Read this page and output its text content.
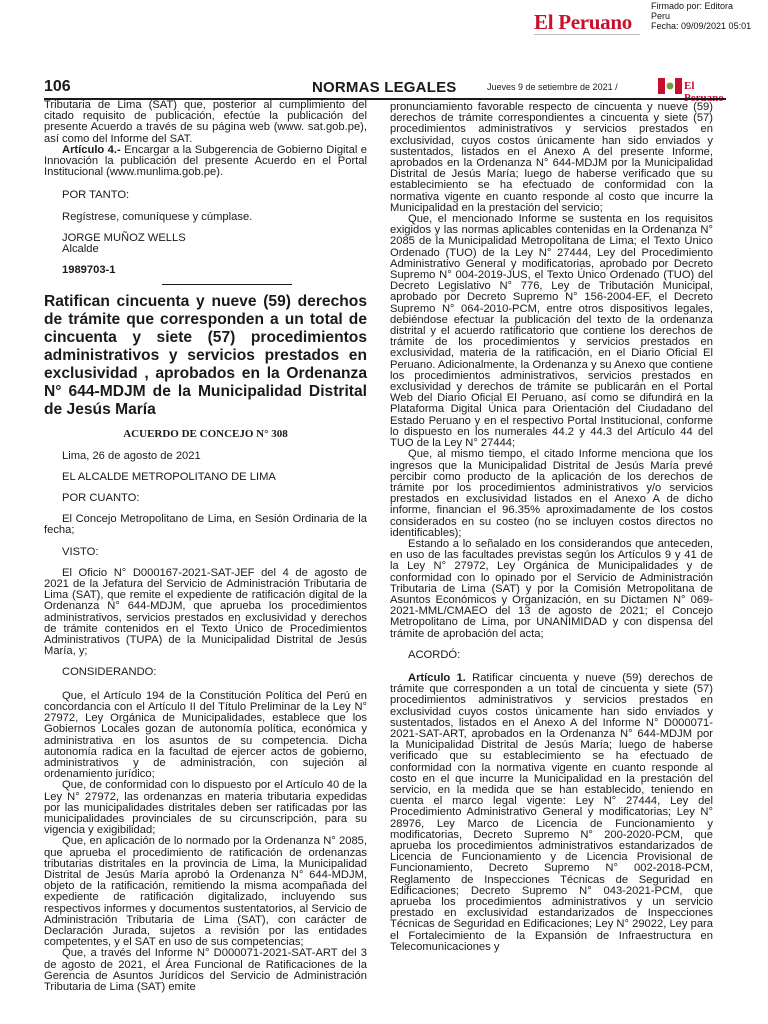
El Peruano
Firmado por: Editora
Peru
Fecha: 09/09/2021 05:01
106	NORMAS LEGALES	Jueves 9 de setiembre de 2021 /	El

Tributaria de Lima (SAT) que, posterior al cumplimiento del citado requisito de publicación, efectúe la publicación del presente Acuerdo a través de su página web (www. sat.gob.pe), así como del Informe del SAT.

Artículo 4.- Encargar a la Subgerencia de Gobierno Digital e Innovación la publicación del presente Acuerdo en el Portal Institucional (www.munlima.gob.pe).

POR TANTO:

Regístrese, comuníquese y cúmplase.

JORGE MUÑOZ WELLS

Alcalde

1989703-1

Ratifican cincuenta y nueve (59) derechos de trámite que corresponden a un total de cincuenta y siete (57) procedimientos administrativos y servicios prestados en exclusividad , aprobados en la Ordenanza N° 644-MDJM de la Municipalidad Distrital de Jesús María

ACUERDO DE CONCEJO N° 308

Lima, 26 de agosto de 2021

EL ALCALDE METROPOLITANO DE LIMA

POR CUANTO:

El Concejo Metropolitano de Lima, en Sesión Ordinaria de la fecha;

VISTO:

El Oficio N° D000167-2021-SAT-JEF del 4 de agosto de 2021 de la Jefatura del Servicio de Administración Tributaria de Lima (SAT), que remite el expediente de ratificación digital de la Ordenanza N° 644-MDJM, que aprueba los procedimientos administrativos, servicios prestados en exclusividad y derechos de trámite contenidos en el Texto Único de Procedimientos Administrativos (TUPA) de la Municipalidad Distrital de Jesús María, y;

CONSIDERANDO:

Que, el Artículo 194 de la Constitución Política del Perú en concordancia con el Artículo II del Título Preliminar de la Ley N° 27972, Ley Orgánica de Municipalidades, establece que los Gobiernos Locales gozan de autonomía política, económica y administrativa en los asuntos de su competencia. Dicha autonomía radica en la facultad de ejercer actos de gobierno, administrativos y de administración, con sujeción al ordenamiento jurídico;

Que, de conformidad con lo dispuesto por el Artículo 40 de la Ley N° 27972, las ordenanzas en materia tributaria expedidas por las municipalidades distritales deben ser ratificadas por las municipalidades provinciales de su circunscripción, para su vigencia y exigibilidad;

Que, en aplicación de lo normado por la Ordenanza N° 2085, que aprueba el procedimiento de ratificación de ordenanzas tributarias distritales en la provincia de Lima, la Municipalidad Distrital de Jesús María aprobó la Ordenanza N° 644-MDJM, objeto de la ratificación, remitiendo la misma acompañada del expediente de ratificación digitalizado, incluyendo sus respectivos informes y documentos sustentatorios, al Servicio de Administración Tributaria de Lima (SAT), con carácter de Declaración Jurada, sujetos a revisión por las entidades competentes, y el SAT en uso de sus competencias;

Que, a través del Informe N° D000071-2021-SAT-ART del 3 de agosto de 2021, el Área Funcional de Ratificaciones de la Gerencia de Asuntos Jurídicos del Servicio de Administración Tributaria de Lima (SAT) emite

pronunciamiento favorable respecto de cincuenta y nueve (59) derechos de trámite correspondientes a cincuenta y siete (57) procedimientos administrativos y servicios prestados en exclusividad, cuyos costos únicamente han sido enviados y sustentados, listados en el Anexo A del presente Informe, aprobados en la Ordenanza N° 644-MDJM por la Municipalidad Distrital de Jesús María; luego de haberse verificado que su establecimiento se ha efectuado de conformidad con la normativa vigente en cuanto responde al costo que incurre la Municipalidad en la prestación del servicio;

Que, el mencionado Informe se sustenta en los requisitos exigidos y las normas aplicables contenidas en la Ordenanza N° 2085 de la Municipalidad Metropolitana de Lima; el Texto Único Ordenado (TUO) de la Ley N° 27444, Ley del Procedimiento Administrativo General y modificatorias, aprobado por Decreto Supremo N° 004-2019-JUS, el Texto Único Ordenado (TUO) del Decreto Legislativo N° 776, Ley de Tributación Municipal, aprobado por Decreto Supremo N° 156-2004-EF, el Decreto Supremo N° 064-2010-PCM, entre otros dispositivos legales, debiéndose efectuar la publicación del texto de la ordenanza distrital y el acuerdo ratificatorio que contiene los derechos de trámite de los procedimientos y servicios prestados en exclusividad, materia de la ratificación, en el Diario Oficial El Peruano. Adicionalmente, la Ordenanza y su Anexo que contiene los procedimientos administrativos, servicios prestados en exclusividad y derechos de trámite se publicarán en el Portal Web del Diario Oficial El Peruano, así como se difundirá en la Plataforma Digital Única para Orientación del Ciudadano del Estado Peruano y en el respectivo Portal Institucional, conforme lo dispuesto en los numerales 44.2 y 44.3 del Artículo 44 del TUO de la Ley N° 27444;

Que, al mismo tiempo, el citado Informe menciona que los ingresos que la Municipalidad Distrital de Jesús María prevé percibir como producto de la aplicación de los derechos de trámite por los procedimientos administrativos y/o servicios prestados en exclusividad listados en el Anexo A de dicho informe, financian el 96.35% aproximadamente de los costos considerados en su costeo (no se incluyen costos directos no identificables);

Estando a lo señalado en los considerandos que anteceden, en uso de las facultades previstas según los Artículos 9 y 41 de la Ley N° 27972, Ley Orgánica de Municipalidades y de conformidad con lo opinado por el Servicio de Administración Tributaria de Lima (SAT) y por la Comisión Metropolitana de Asuntos Económicos y Organización, en su Dictamen N° 069-2021-MML/CMAEO del 13 de agosto de 2021; el Concejo Metropolitano de Lima, por UNANIMIDAD y con dispensa del trámite de aprobación del acta;

ACORDÓ:

Artículo 1. Ratificar cincuenta y nueve (59) derechos de trámite que corresponden a un total de cincuenta y siete (57) procedimientos administrativos y servicios prestados en exclusividad cuyos costos únicamente han sido enviados y sustentados, listados en el Anexo A del Informe N° D000071-2021-SAT-ART, aprobados en la Ordenanza N° 644-MDJM por la Municipalidad Distrital de Jesús María; luego de haberse verificado que su establecimiento se ha efectuado de conformidad con la normativa vigente en cuanto responde al costo en el que incurre la Municipalidad en la prestación del servicio, en la medida que se han establecido, teniendo en cuenta el marco legal vigente: Ley N° 27444, Ley del Procedimiento Administrativo General y modificatorias; Ley N° 28976, Ley Marco de Licencia de Funcionamiento y modificatorias, Decreto Supremo N° 200-2020-PCM, que aprueba los procedimientos administrativos estandarizados de Licencia de Funcionamiento y de Licencia Provisional de Funcionamiento, Decreto Supremo N° 002-2018-PCM, Reglamento de Inspecciones Técnicas de Seguridad en Edificaciones; Decreto Supremo N° 043-2021-PCM, que aprueba los procedimientos administrativos y un servicio prestado en exclusividad estandarizados de Inspecciones Técnicas de Seguridad en Edificaciones; Ley N° 29022, Ley para el Fortalecimiento de la Expansión de Infraestructura en Telecomunicaciones y
